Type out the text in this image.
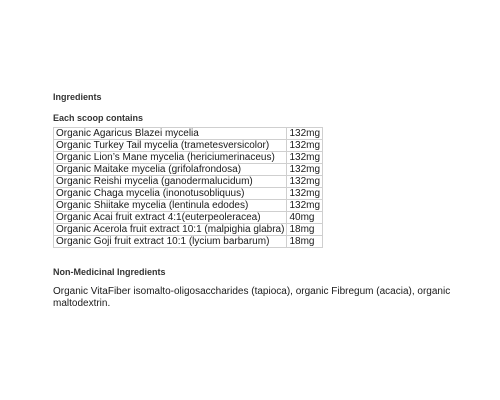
Ingredients
Each scoop contains
Organic Agaricus Blazei mycelia	132mg
Organic Turkey Tail mycelia (trametesversicolor)	132mg
Organic Lion’s Mane mycelia (hericiumerinaceus)	132mg
Organic Maitake mycelia (grifolafrondosa)	132mg
Organic Reishi mycelia (ganodermalucidum)	132mg
Organic Chaga mycelia (inonotusobliquus)	132mg
Organic Shiitake mycelia (lentinula edodes)	132mg
Organic Acai fruit extract 4:1(euterpeoleracea)	40mg
Organic Acerola fruit extract 10:1 (malpighia glabra)	18mg
Organic Goji fruit extract 10:1 (lycium barbarum)	18mg
Non-Medicinal Ingredients
Organic VitaFiber isomalto-oligosaccharides (tapioca), organic Fibregum (acacia), organic maltodextrin.
